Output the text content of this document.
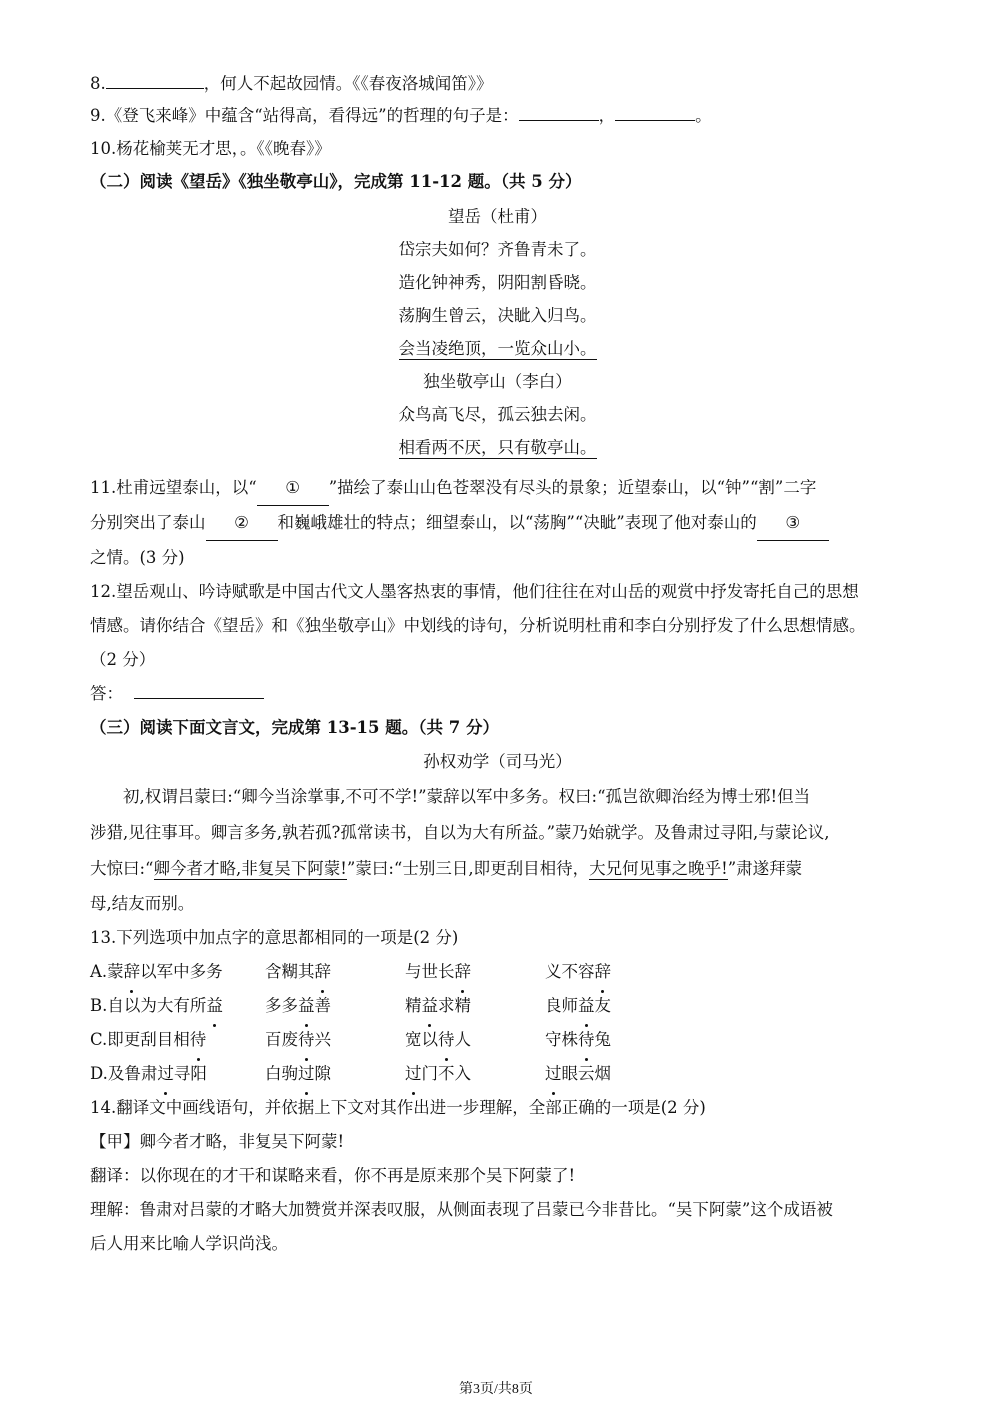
8.	，何人不起故园情。《《春夜洛城闻笛》》
9.《登飞来峰》中蕴含“站得高，看得远”的哲理的句子是：	，	。
10.杨花榆荚无才思，。《《晚春》》
（二）阅读《望岳》《独坐敬亭山》，完成第 11-12 题。（共 5 分）
望岳（杜甫）
岱宗夫如何？齐鲁青未了。
造化钟神秀，阴阳割昏晓。
荡胸生曾云，决眦入归鸟。
会当凌绝顶，一览众山小。
独坐敬亭山（李白）
众鸟高飞尽，孤云独去闲。
相看两不厌，只有敬亭山。
11.杜甫远望泰山，以“ ① ”描绘了泰山山色苍翠没有尽头的景象；近望泰山，以“钟”“割”二字
分别突出了泰山 ② 和巍峨雄壮的特点；细望泰山，以“荡胸”“决眦”表现了他对泰山的 ③
之情。(3 分)
12.望岳观山、吟诗赋歌是中国古代文人墨客热衷的事情，他们往往在对山岳的观赏中抒发寄托自己的思想
情感。请你结合《望岳》和《独坐敬亭山》中划线的诗句，分析说明杜甫和李白分别抒发了什么思想情感。
（2 分）
答：
（三）阅读下面文言文，完成第 13-15 题。（共 7 分）
孙权劝学（司马光）
初,权谓吕蒙曰:“卿今当涂掌事,不可不学!”蒙辞以军中多务。权曰:“孤岂欲卿治经为博士邪!但当
涉猎,见往事耳。卿言多务,孰若孤?孤常读书，自以为大有所益。”蒙乃始就学。及鲁肃过寻阳,与蒙论议,
大惊曰:“卿今者才略,非复吴下阿蒙!”蒙曰:“士别三日,即更刮目相待，大兄何见事之晚乎!”肃遂拜蒙
母,结友而别。
13.下列选项中加点字的意思都相同的一项是(2 分)
A.蒙辞以军中多务	含糊其辞	与世长辞	义不容辞
B.自以为大有所益	多多益善	精益求精	良师益友
C.即更刮目相待	百废待兴	宽以待人	守株待兔
D.及鲁肃过寻阳	白驹过隙	过门不入	过眼云烟
14.翻译文中画线语句，并依据上下文对其作出进一步理解，全部正确的一项是(2 分)
【甲】卿今者才略，非复吴下阿蒙!
翻译：以你现在的才干和谋略来看，你不再是原来那个吴下阿蒙了!
理解：鲁肃对吕蒙的才略大加赞赏并深表叹服，从侧面表现了吕蒙已今非昔比。“吴下阿蒙”这个成语被
后人用来比喻人学识尚浅。
第3页/共8页
